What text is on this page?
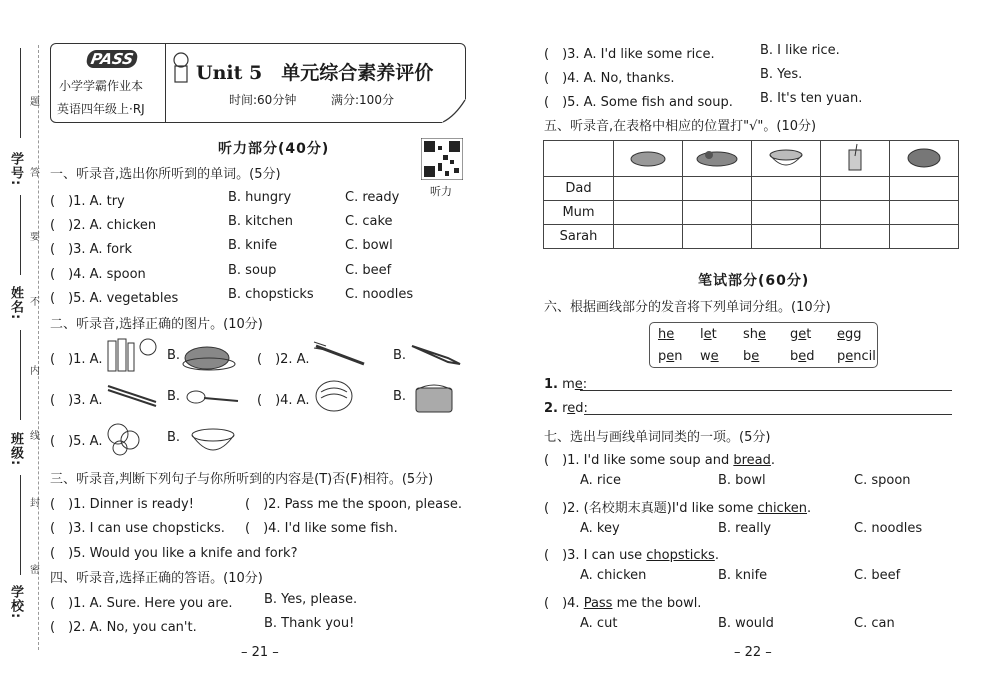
学号:
姓名:
班级:
学校:
题
答
要
不
内
线
封
密
PASS
小学学霸作业本
英语四年级上·RJ
Unit 5　单元综合素养评价
时间:60分钟	满分:100分
听力部分(40分)
听力
一、听录音,选出你所听到的单词。(5分)
(　)1. A. try	B. hungry	C. ready
(　)2. A. chicken	B. kitchen	C. cake
(　)3. A. fork	B. knife	C. bowl
(　)4. A. spoon	B. soup	C. beef
(　)5. A. vegetables	B. chopsticks C. noodles
二、听录音,选择正确的图片。(10分)
(　)1. A.	B.	(　)2. A.	B.
(　)3. A.	B.	(　)4. A.	B.
(　)5. A.	B.
三、听录音,判断下列句子与你所听到的内容是(T)否(F)相符。(5分)
(　)1. Dinner is ready!	(　)2. Pass me the spoon, please.
(　)3. I can use chopsticks. (　)4. I'd like some fish.
(　)5. Would you like a knife and fork?
四、听录音,选择正确的答语。(10分)
(　)1. A. Sure. Here you are. B. Yes, please.
(　)2. A. No, you can't.	B. Thank you!
– 21 –
(　)3. A. I'd like some rice.	B. I like rice.
(　)4. A. No, thanks.	B. Yes.
(　)5. A. Some fish and soup. B. It's ten yuan.
五、听录音,在表格中相应的位置打"√"。(10分)

Dad					
Mum					
Sarah					
笔试部分(60分)
六、根据画线部分的发音将下列单词分组。(10分)
he let she get egg
pen we be bed pencil
1. me:
2. red:
七、选出与画线单词同类的一项。(5分)
(　)1. I'd like some soup and bread.
A. rice	B. bowl	C. spoon
(　)2. (名校期末真题)I'd like some chicken.
A. key	B. really	C. noodles
(　)3. I can use chopsticks.
A. chicken	B. knife	C. beef
(　)4. Pass me the bowl.
A. cut	B. would	C. can
– 22 –
